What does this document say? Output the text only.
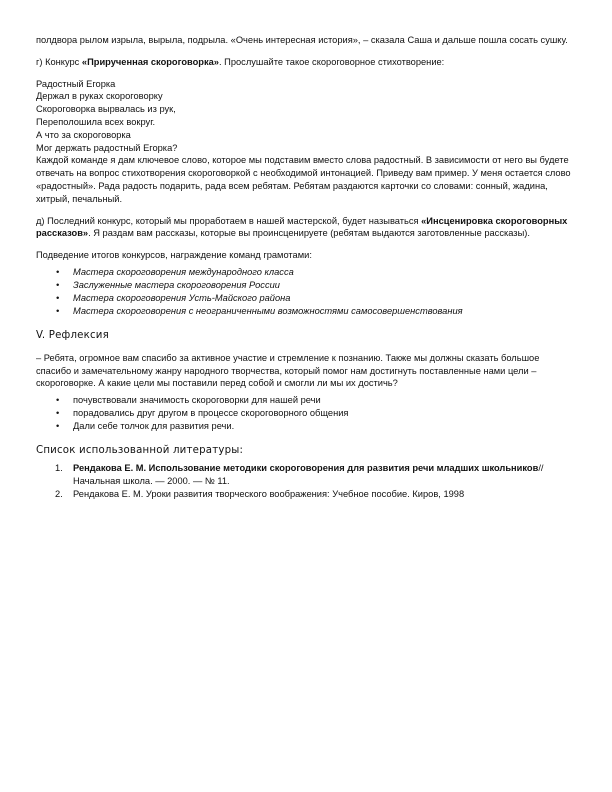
полдвора рылом изрыла, вырыла, подрыла. «Очень интересная история», – сказала Саша и дальше пошла сосать сушку.

г) Конкурс «Прирученная скороговорка». Прослушайте такое скороговорное стихотворение:

Радостный Егорка

Держал в руках скороговорку

Скороговорка вырвалась из рук,

Переполошила всех вокруг.

А что за скороговорка

Мог держать радостный Егорка?

Каждой команде я дам ключевое слово, которое мы подставим вместо слова радостный. В зависимости от него вы будете отвечать на вопрос стихотворения скороговоркой с необходимой интонацией. Приведу вам пример. У меня остается слово «радостный». Рада радость подарить, рада всем ребятам. Ребятам раздаются карточки со словами: сонный, жадина, хитрый, печальный.

д) Последний конкурс, который мы проработаем в нашей мастерской, будет называться «Инсценировка скороговорных рассказов». Я раздам вам рассказы, которые вы проинсценируете (ребятам выдаются заготовленные рассказы).

Подведение итогов конкурсов, награждение команд грамотами:

• Мастера скороговорения международного класса
• Заслуженные мастера скороговорения России
• Мастера скороговорения Усть-Майского района
• Мастера скороговорения с неограниченными возможностями самосовершенствования

V. Рефлексия

– Ребята, огромное вам спасибо за активное участие и стремление к познанию. Также мы должны сказать большое спасибо и замечательному жанру народного творчества, который помог нам достигнуть поставленные нами цели – скороговорке. А какие цели мы поставили перед собой и смогли ли мы их достичь?

• почувствовали значимость скороговорки для нашей речи
• порадовались друг другом в процессе скороговорного общения
• Дали себе толчок для развития речи.

Список использованной литературы:

1. Рендакова Е. М. Использование методики скороговорения для развития речи младших школьников//Начальная школа. — 2000. — № 11.
2. Рендакова Е. М. Уроки развития творческого воображения: Учебное пособие. Киров, 1998
